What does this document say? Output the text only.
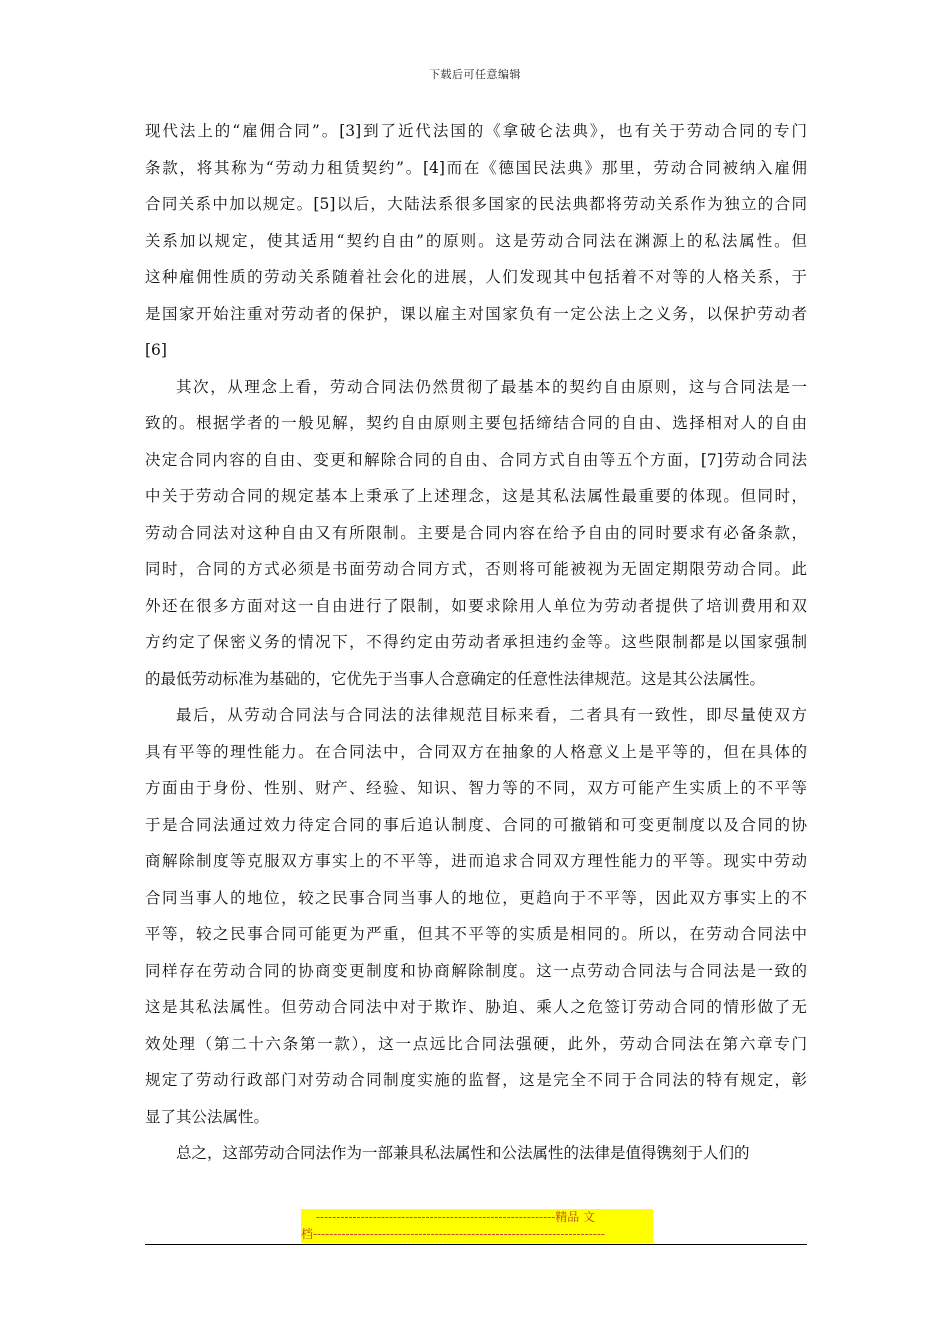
下载后可任意编辑
现代法上的“雇佣合同”。[3]到了近代法国的《拿破仑法典》，也有关于劳动合同的专门
条款，将其称为“劳动力租赁契约”。[4]而在《德国民法典》那里，劳动合同被纳入雇佣
合同关系中加以规定。[5]以后，大陆法系很多国家的民法典都将劳动关系作为独立的合同
关系加以规定，使其适用“契约自由”的原则。这是劳动合同法在渊源上的私法属性。但
这种雇佣性质的劳动关系随着社会化的进展，人们发现其中包括着不对等的人格关系，于
是国家开始注重对劳动者的保护，课以雇主对国家负有一定公法上之义务，以保护劳动者
[6]
其次，从理念上看，劳动合同法仍然贯彻了最基本的契约自由原则，这与合同法是一
致的。根据学者的一般见解，契约自由原则主要包括缔结合同的自由、选择相对人的自由
决定合同内容的自由、变更和解除合同的自由、合同方式自由等五个方面，[7]劳动合同法
中关于劳动合同的规定基本上秉承了上述理念，这是其私法属性最重要的体现。但同时，
劳动合同法对这种自由又有所限制。主要是合同内容在给予自由的同时要求有必备条款，
同时，合同的方式必须是书面劳动合同方式，否则将可能被视为无固定期限劳动合同。此
外还在很多方面对这一自由进行了限制，如要求除用人单位为劳动者提供了培训费用和双
方约定了保密义务的情况下，不得约定由劳动者承担违约金等。这些限制都是以国家强制
的最低劳动标准为基础的，它优先于当事人合意确定的任意性法律规范。这是其公法属性。
最后，从劳动合同法与合同法的法律规范目标来看，二者具有一致性，即尽量使双方
具有平等的理性能力。在合同法中，合同双方在抽象的人格意义上是平等的，但在具体的
方面由于身份、性别、财产、经验、知识、智力等的不同，双方可能产生实质上的不平等
于是合同法通过效力待定合同的事后追认制度、合同的可撤销和可变更制度以及合同的协
商解除制度等克服双方事实上的不平等，进而追求合同双方理性能力的平等。现实中劳动
合同当事人的地位，较之民事合同当事人的地位，更趋向于不平等，因此双方事实上的不
平等，较之民事合同可能更为严重，但其不平等的实质是相同的。所以，在劳动合同法中
同样存在劳动合同的协商变更制度和协商解除制度。这一点劳动合同法与合同法是一致的
这是其私法属性。但劳动合同法中对于欺诈、胁迫、乘人之危签订劳动合同的情形做了无
效处理（第二十六条第一款），这一点远比合同法强硬，此外，劳动合同法在第六章专门
规定了劳动行政部门对劳动合同制度实施的监督，这是完全不同于合同法的特有规定，彰
显了其公法属性。
总之，这部劳动合同法作为一部兼具私法属性和公法属性的法律是值得镌刻于人们的
-----------------------------------------------------------精品 文
档------------------------------------------------------------------------
